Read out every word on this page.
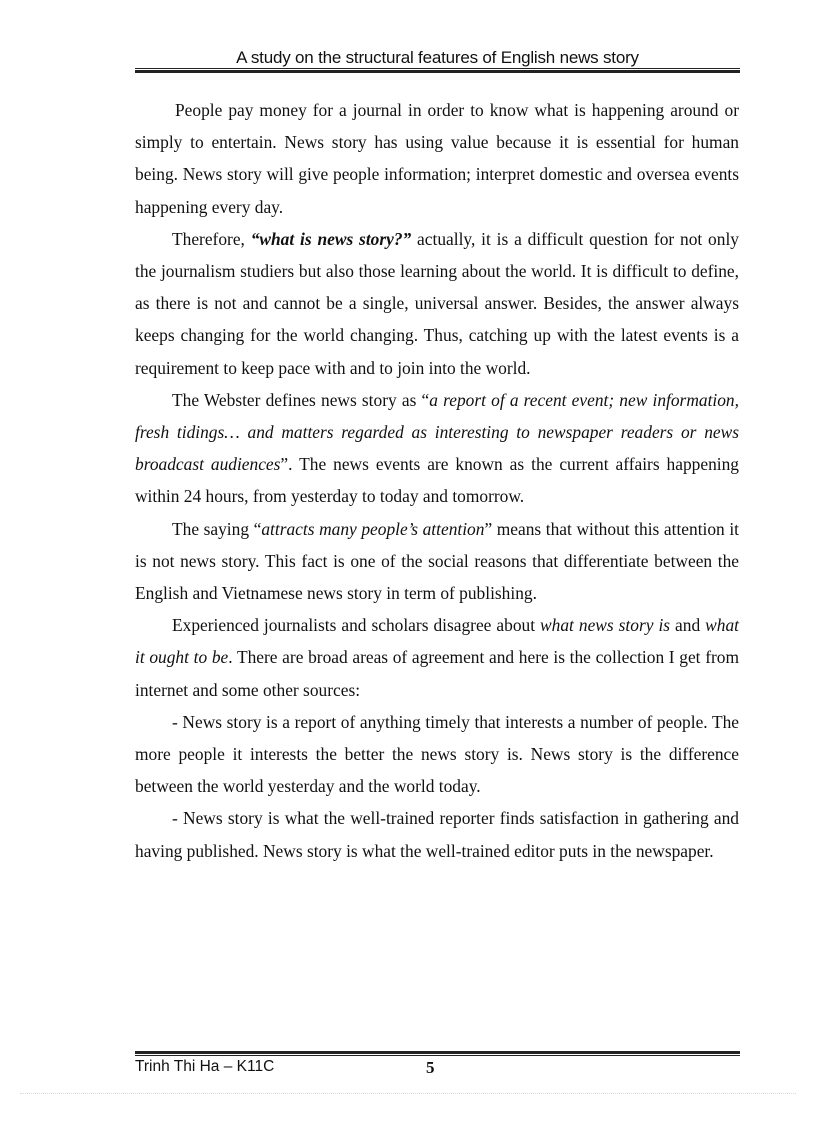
A study on the structural features of English news story

People pay money for a journal in order to know what is happening around or simply to entertain. News story has using value because it is essential for human being. News story will give people information; interpret domestic and oversea events happening every day.

Therefore, “what is news story?” actually, it is a difficult question for not only the journalism studiers but also those learning about the world. It is difficult to define, as there is not and cannot be a single, universal answer. Besides, the answer always keeps changing for the world changing. Thus, catching up with the latest events is a requirement to keep pace with and to join into the world.

The Webster defines news story as “a report of a recent event; new information, fresh tidings… and matters regarded as interesting to newspaper readers or news broadcast audiences”. The news events are known as the current affairs happening within 24 hours, from yesterday to today and tomorrow.

The saying “attracts many people’s attention” means that without this attention it is not news story. This fact is one of the social reasons that differentiate between the English and Vietnamese news story in term of publishing.

Experienced journalists and scholars disagree about what news story is and what it ought to be. There are broad areas of agreement and here is the collection I get from internet and some other sources:

- News story is a report of anything timely that interests a number of people. The more people it interests the better the news story is. News story is the difference between the world yesterday and the world today.

- News story is what the well-trained reporter finds satisfaction in gathering and having published. News story is what the well-trained editor puts in the newspaper.

Trinh Thi Ha – K11C	5
